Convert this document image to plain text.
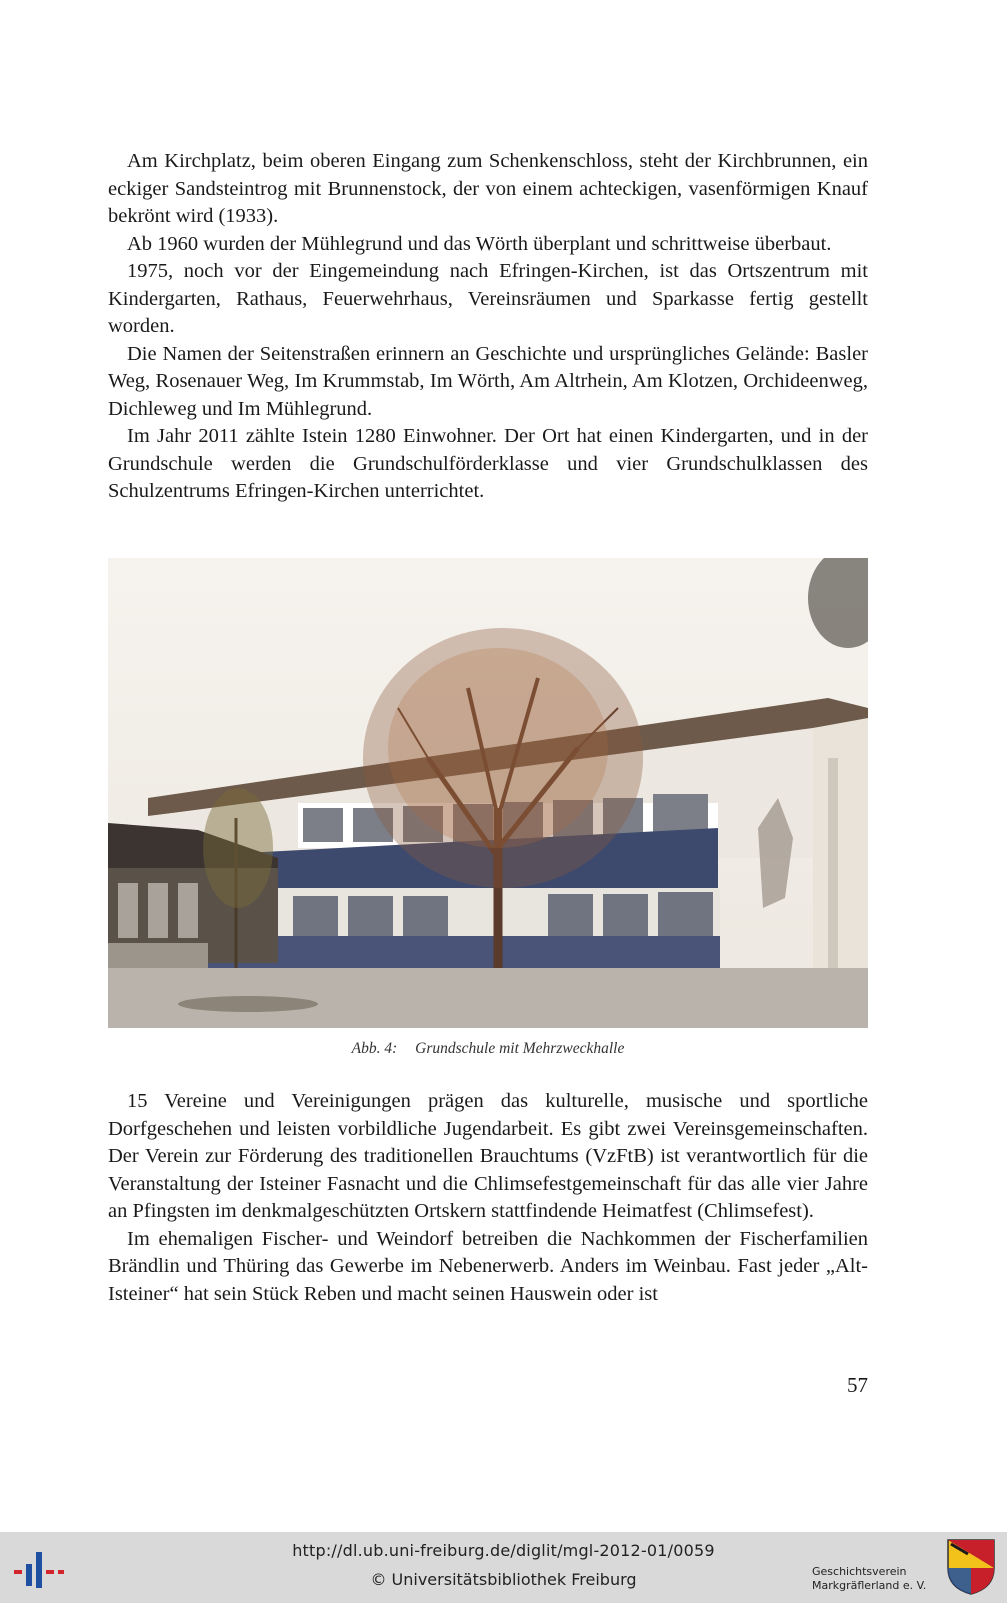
Am Kirchplatz, beim oberen Eingang zum Schenkenschloss, steht der Kirchbrunnen, ein eckiger Sandsteintrog mit Brunnenstock, der von einem achteckigen, vasenförmigen Knauf bekrönt wird (1933).

Ab 1960 wurden der Mühlegrund und das Wörth überplant und schrittweise überbaut.

1975, noch vor der Eingemeindung nach Efringen-Kirchen, ist das Ortszentrum mit Kindergarten, Rathaus, Feuerwehrhaus, Vereinsräumen und Sparkasse fertig gestellt worden.

Die Namen der Seitenstraßen erinnern an Geschichte und ursprüngliches Gelände: Basler Weg, Rosenauer Weg, Im Krummstab, Im Wörth, Am Altrhein, Am Klotzen, Orchideenweg, Dichleweg und Im Mühlegrund.

Im Jahr 2011 zählte Istein 1280 Einwohner. Der Ort hat einen Kindergarten, und in der Grundschule werden die Grundschulförderklasse und vier Grundschulklassen des Schulzentrums Efringen-Kirchen unterrichtet.

Abb. 4: Grundschule mit Mehrzweckhalle

15 Vereine und Vereinigungen prägen das kulturelle, musische und sportliche Dorfgeschehen und leisten vorbildliche Jugendarbeit. Es gibt zwei Vereinsgemeinschaften. Der Verein zur Förderung des traditionellen Brauchtums (VzFtB) ist verantwortlich für die Veranstaltung der Isteiner Fasnacht und die Chlimsefestgemeinschaft für das alle vier Jahre an Pfingsten im denkmalgeschützten Ortskern stattfindende Heimatfest (Chlimsefest).

Im ehemaligen Fischer- und Weindorf betreiben die Nachkommen der Fischerfamilien Brändlin und Thüring das Gewerbe im Nebenerwerb. Anders im Weinbau. Fast jeder „Alt-Isteiner“ hat sein Stück Reben und macht seinen Hauswein oder ist

57
http://dl.ub.uni-freiburg.de/diglit/mgl-2012-01/0059
© Universitätsbibliothek Freiburg	Geschichtsverein
Markgräflerland e. V.
